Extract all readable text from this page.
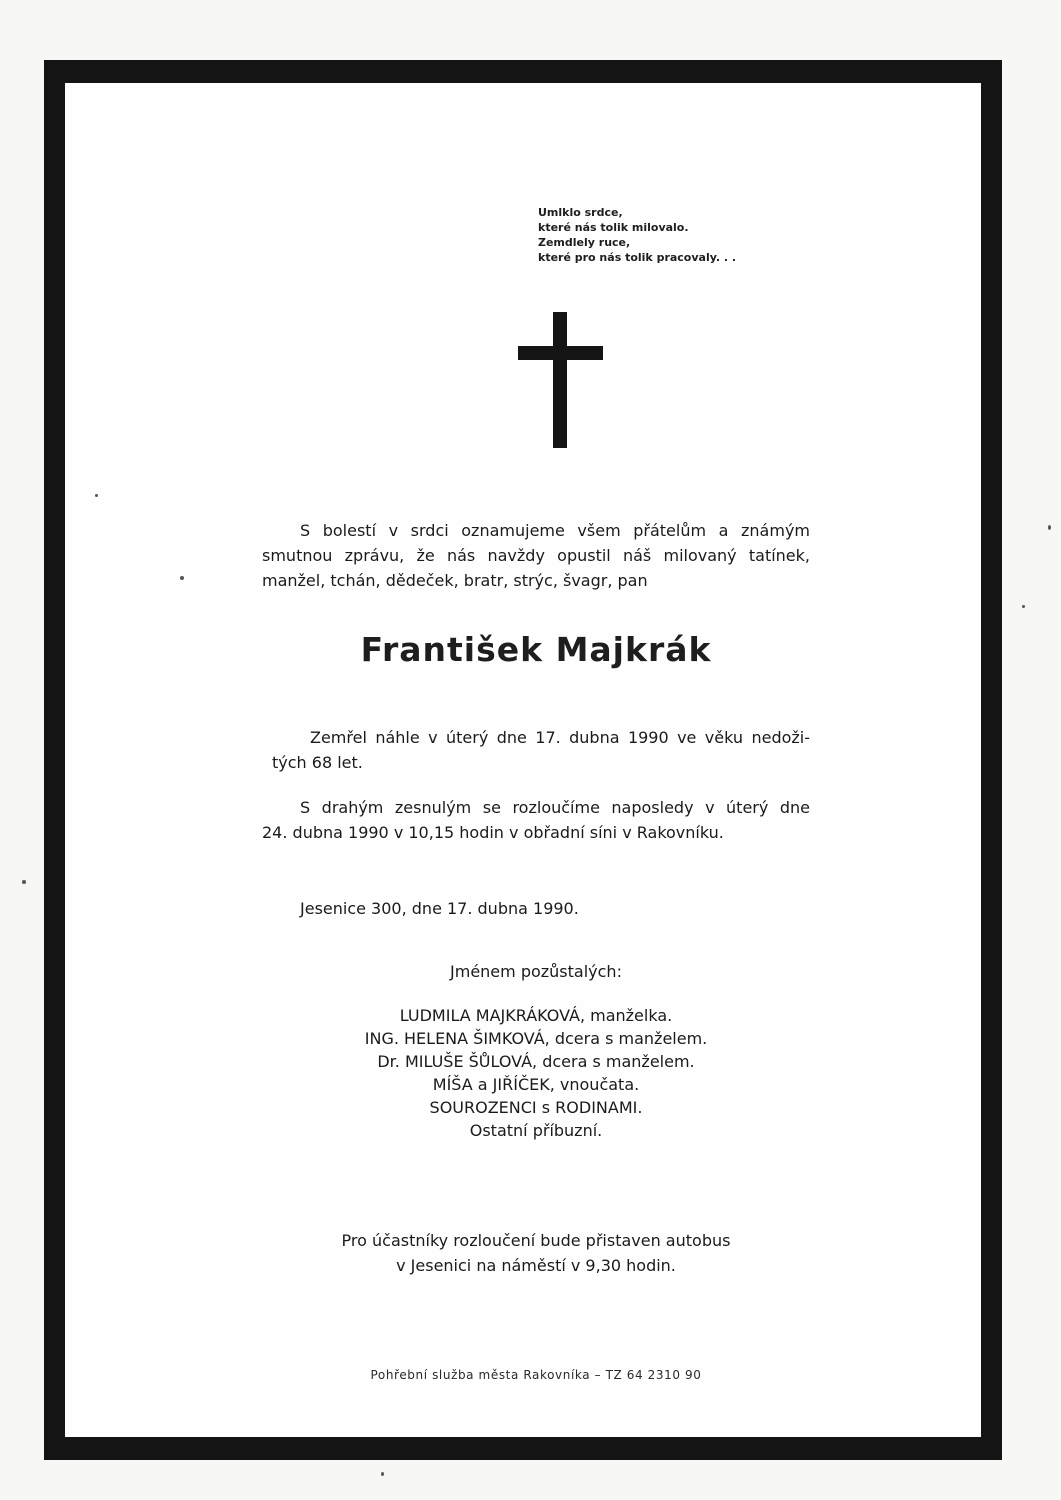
Umlklo srdce,
které nás tolik milovalo.
Zemdlely ruce,
které pro nás tolik pracovaly. . .
S bolestí v srdci oznamujeme všem přátelům a známým
smutnou zprávu, že nás navždy opustil náš milovaný tatínek,
manžel, tchán, dědeček, bratr, strýc, švagr, pan
František Majkrák
Zemřel náhle v úterý dne 17. dubna 1990 ve věku nedoži-
tých 68 let.
S drahým zesnulým se rozloučíme naposledy v úterý dne
24. dubna 1990 v 10,15 hodin v obřadní síni v Rakovníku.
Jesenice 300, dne 17. dubna 1990.
Jménem pozůstalých:
LUDMILA MAJKRÁKOVÁ, manželka.
ING. HELENA ŠIMKOVÁ, dcera s manželem.
Dr. MILUŠE ŠŮLOVÁ, dcera s manželem.
MÍŠA a JIŘÍČEK, vnoučata.
SOUROZENCI s RODINAMI.
Ostatní příbuzní.
Pro účastníky rozloučení bude přistaven autobus
v Jesenici na náměstí v 9,30 hodin.
Pohřební služba města Rakovníka – TZ 64 2310 90
